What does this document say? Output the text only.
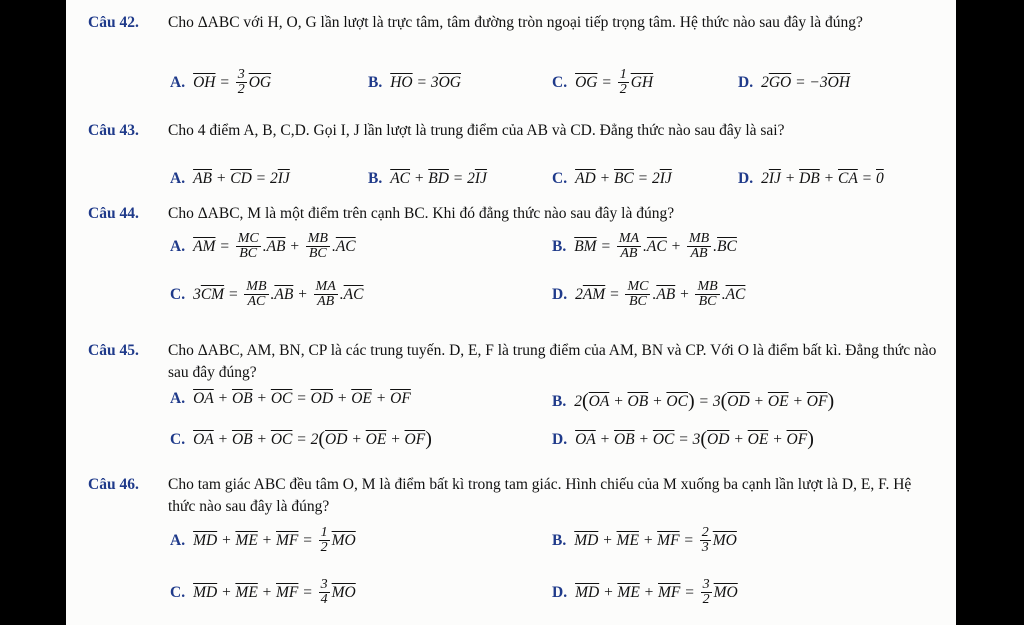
Câu 42. Cho ΔABC với H, O, G lần lượt là trực tâm, tâm đường tròn ngoại tiếp trọng tâm. Hệ thức nào sau đây là đúng?
A. $\overline{OH} = \frac{3}{2} \overline{OG}$	B. $\overline{HO} = 3$ $\overline{OG}$	C. $\overline{OG} = \frac{1}{2} \overline{GH}$	D. 2 $\overline{GO} = -3$ $\overline{OH}$
Câu 43. Cho 4 điểm A, B, C,D. Gọi I, J lần lượt là trung điểm của AB và CD. Đẳng thức nào sau đây là sai?
A. $\overline{AB} + \overline{CD} = 2$ $\overline{IJ}$	B. $\overline{AC} + \overline{BD} = 2$ $\overline{IJ}$	C. $\overline{AD} + \overline{BC} = 2$ $\overline{IJ}$	D. 2 $\overline{IJ} + \overline{DB} + \overline{CA} = 0$
Câu 44. Cho ΔABC, M là một điểm trên cạnh BC. Khi đó đẳng thức nào sau đây là đúng?
A. $\overline{AM} = \frac{MC}{BC}$ . $\overline{AB} + \frac{MB}{BC}$ . $\overline{AC}$	B. $\overline{BM} = \frac{MA}{AB}$ . $\overline{AC} + \frac{MB}{AB}$ . $\overline{BC}$
C. 3 $\overline{CM} = \frac{MB}{AC}$ . $\overline{AB} + \frac{MA}{AB}$ . $\overline{AC}$	D. 2 $\overline{AM} = \frac{MC}{BC}$ . $\overline{AB} + \frac{MB}{BC}$ . $\overline{AC}$
Câu 45. Cho ΔABC, AM, BN, CP là các trung tuyến. D, E, F là trung điểm của AM, BN và CP. Với O là điểm bất kì. Đẳng thức nào sau đây đúng?
A. $\overline{OA} + \overline{OB} + \overline{OC} = \overline{OD} + \overline{OE} + \overline{OF}$	B. 2 ( $\overline{OA} + \overline{OB} + \overline{OC}$ ) = 3 ( $\overline{OD} + \overline{OE} + \overline{OF}$ )
C. $\overline{OA} + \overline{OB} + \overline{OC} = 2$ ( $\overline{OD} + \overline{OE} + \overline{OF}$ )	D. $\overline{OA} + \overline{OB} + \overline{OC} = 3$ ( $\overline{OD} + \overline{OE} + \overline{OF}$ )
Câu 46. Cho tam giác ABC đều tâm O, M là điểm bất kì trong tam giác. Hình chiếu của M xuống ba cạnh lần lượt là D, E, F. Hệ thức nào sau đây là đúng?
A. $\overline{MD} + \overline{ME} + \overline{MF} = \frac{1}{2} \overline{MO}$	B. $\overline{MD} + \overline{ME} + \overline{MF} = \frac{2}{3} \overline{MO}$
C. $\overline{MD} + \overline{ME} + \overline{MF} = \frac{3}{4} \overline{MO}$	D. $\overline{MD} + \overline{ME} + \overline{MF} = \frac{3}{2} \overline{MO}$
